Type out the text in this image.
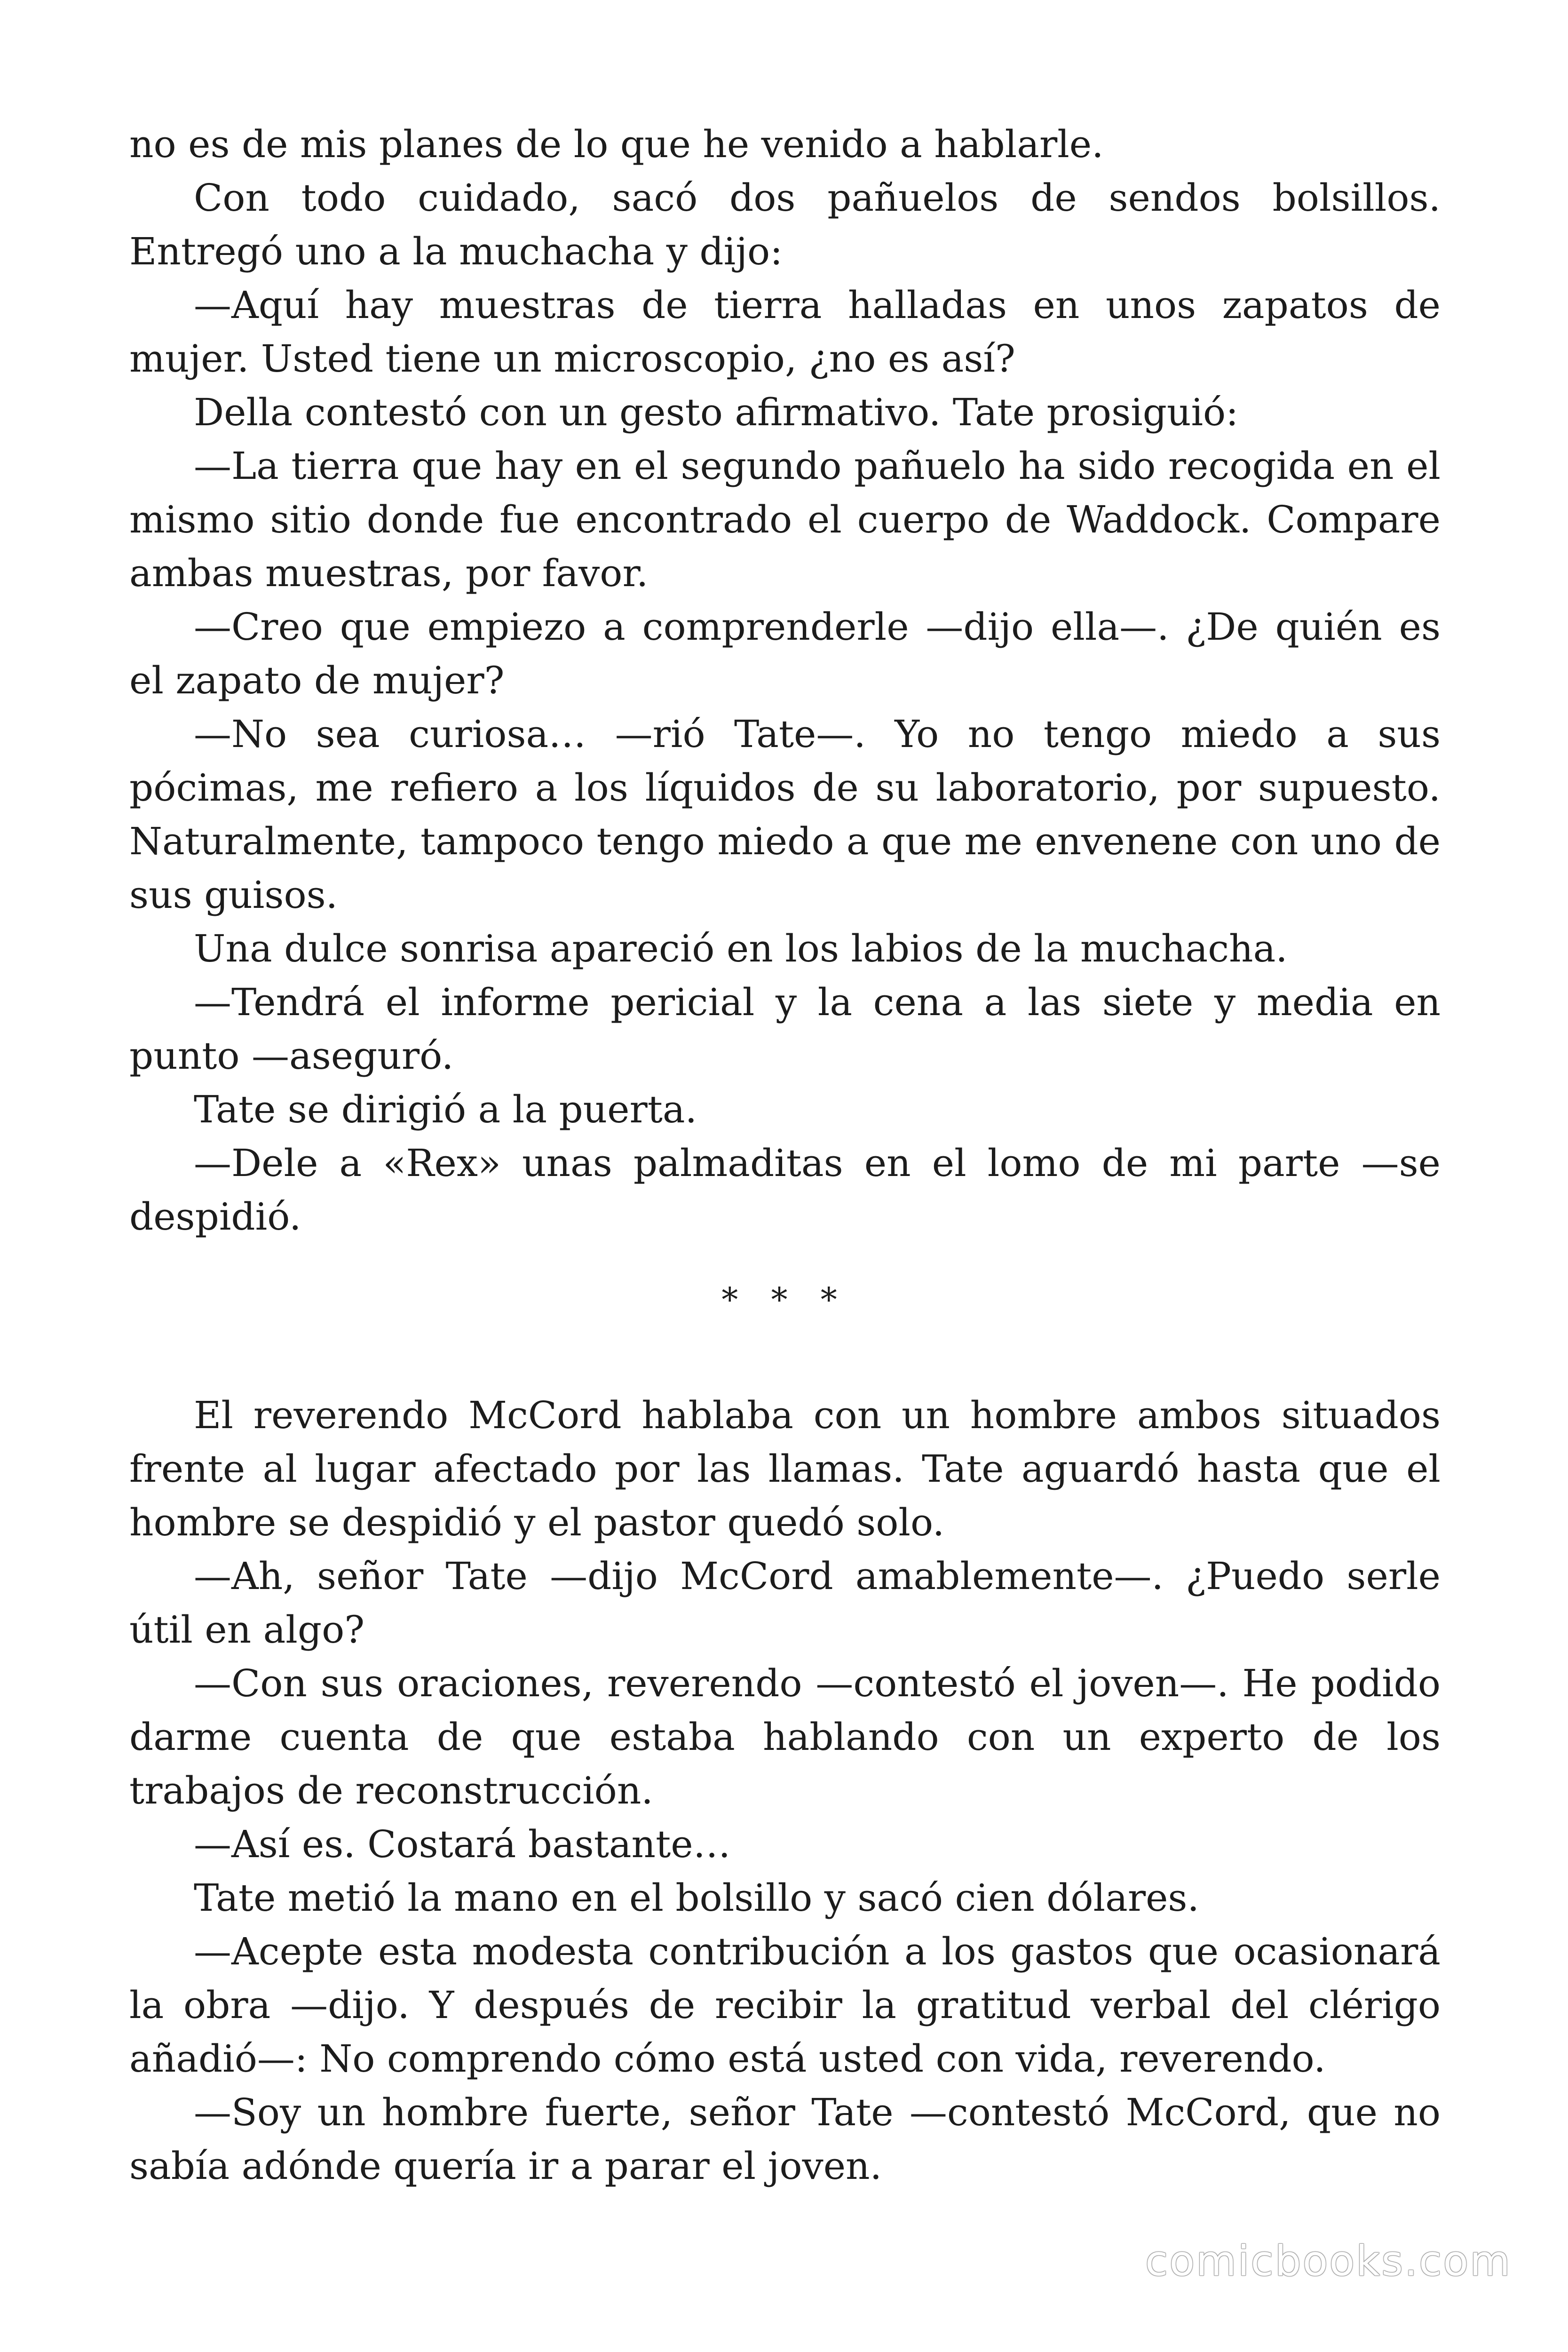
no es de mis planes de lo que he venido a hablarle.

Con todo cuidado, sacó dos pañuelos de sendos bolsillos. Entregó uno a la muchacha y dijo:

—Aquí hay muestras de tierra halladas en unos zapatos de mujer. Usted tiene un microscopio, ¿no es así?

Della contestó con un gesto afirmativo. Tate prosiguió:

—La tierra que hay en el segundo pañuelo ha sido recogida en el mismo sitio donde fue encontrado el cuerpo de Waddock. Compare ambas muestras, por favor.

—Creo que empiezo a comprenderle —dijo ella—. ¿De quién es el zapato de mujer?

—No sea curiosa… —rió Tate—. Yo no tengo miedo a sus pócimas, me refiero a los líquidos de su laboratorio, por supuesto. Naturalmente, tampoco tengo miedo a que me envenene con uno de sus guisos.

Una dulce sonrisa apareció en los labios de la muchacha.

—Tendrá el informe pericial y la cena a las siete y media en punto —aseguró.

Tate se dirigió a la puerta.

—Dele a «Rex» unas palmaditas en el lomo de mi parte —se despidió.

* * *

El reverendo McCord hablaba con un hombre ambos situados frente al lugar afectado por las llamas. Tate aguardó hasta que el hombre se despidió y el pastor quedó solo.

—Ah, señor Tate —dijo McCord amablemente—. ¿Puedo serle útil en algo?

—Con sus oraciones, reverendo —contestó el joven—. He podido darme cuenta de que estaba hablando con un experto de los trabajos de reconstrucción.

—Así es. Costará bastante…

Tate metió la mano en el bolsillo y sacó cien dólares.

—Acepte esta modesta contribución a los gastos que ocasionará la obra —dijo. Y después de recibir la gratitud verbal del clérigo añadió—: No comprendo cómo está usted con vida, reverendo.

—Soy un hombre fuerte, señor Tate —contestó McCord, que no sabía adónde quería ir a parar el joven.

comicbooks.com
